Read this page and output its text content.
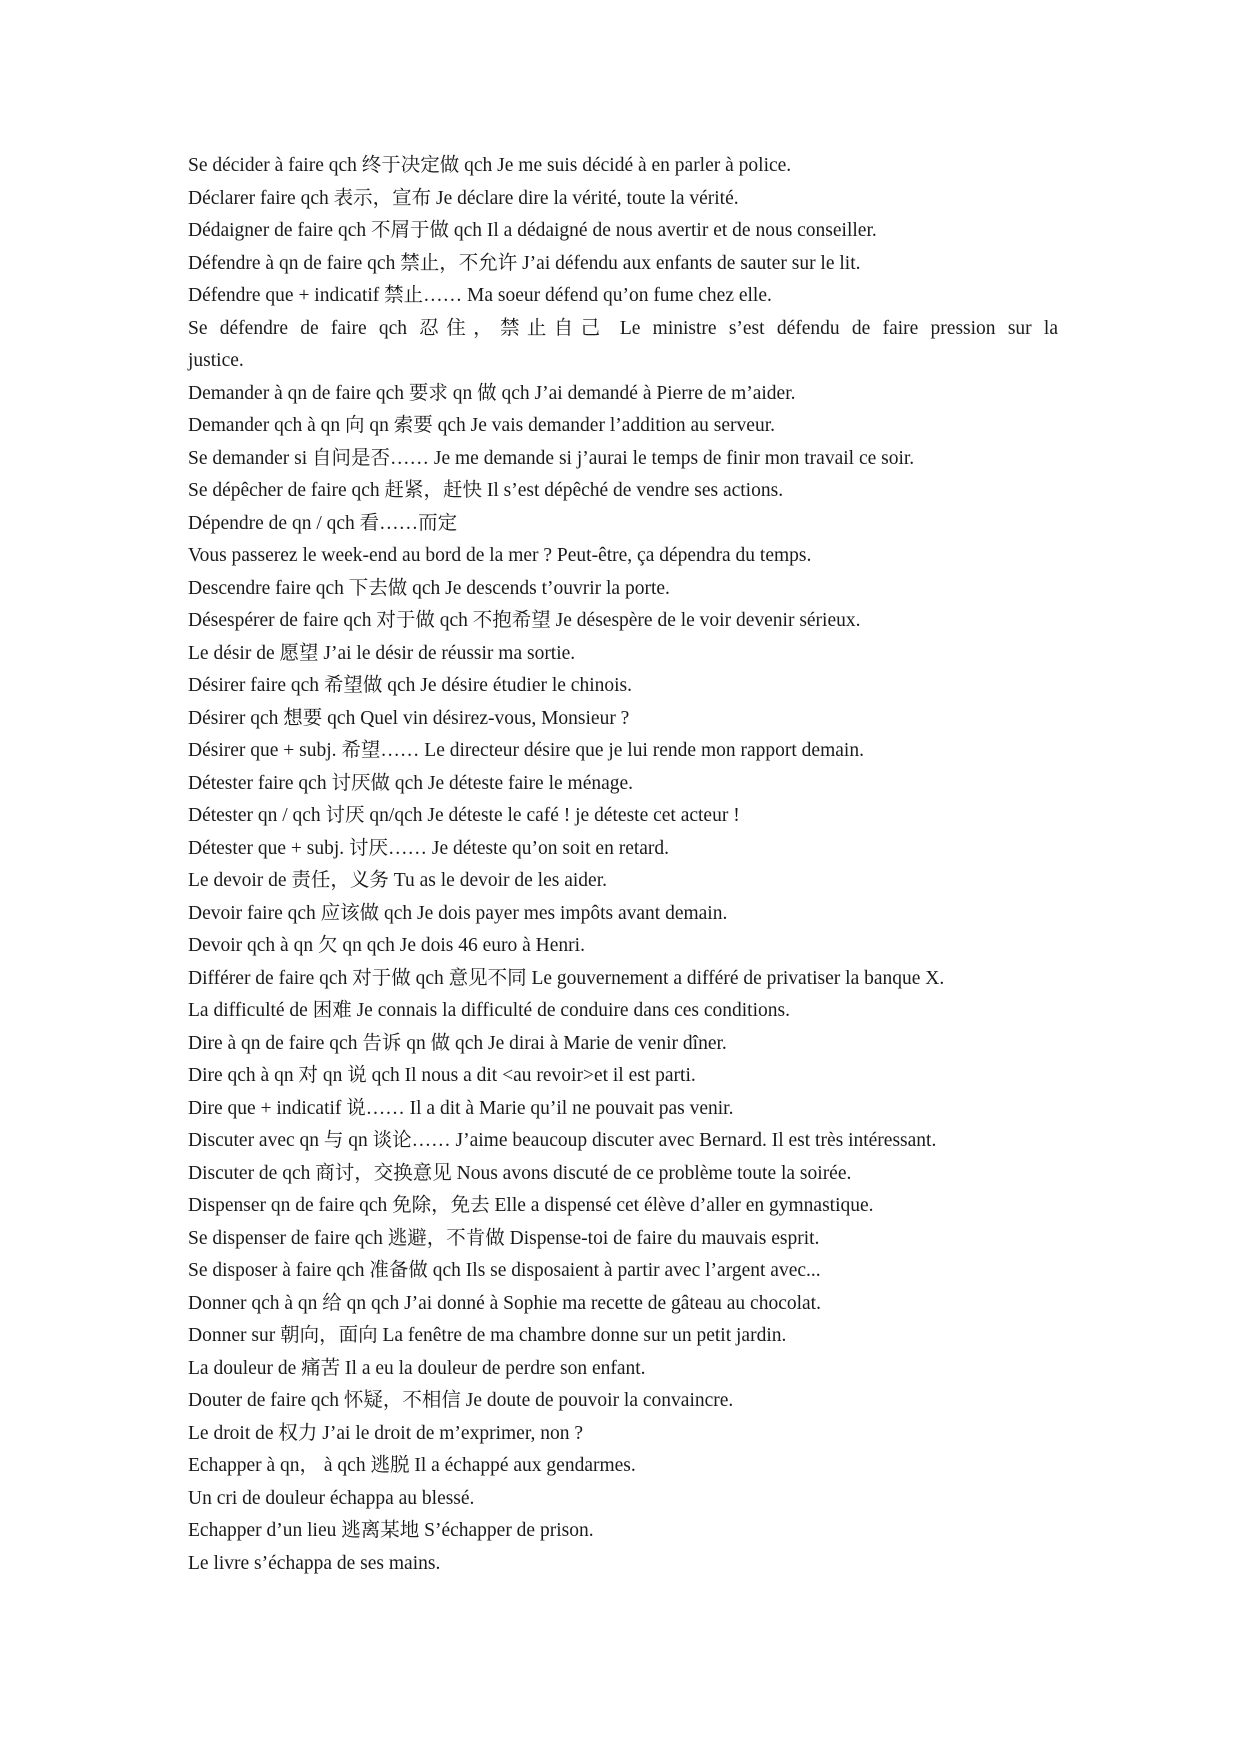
Se décider à faire qch 终于决定做 qch Je me suis décidé à en parler à police.
Déclarer faire qch 表示，宣布 Je déclare dire la vérité, toute la vérité.
Dédaigner de faire qch 不屑于做 qch Il a dédaigné de nous avertir et de nous conseiller.
Défendre à qn de faire qch 禁止，不允许 J’ai défendu aux enfants de sauter sur le lit.
Défendre que + indicatif 禁止…… Ma soeur défend qu’on fume chez elle.
Se défendre de faire qch 忍住，禁止自己 Le ministre s’est défendu de faire pression sur la
justice.
Demander à qn de faire qch 要求 qn 做 qch J’ai demandé à Pierre de m’aider.
Demander qch à qn 向 qn 索要 qch Je vais demander l’addition au serveur.
Se demander si 自问是否…… Je me demande si j’aurai le temps de finir mon travail ce soir.
Se dépêcher de faire qch 赶紧，赶快 Il s’est dépêché de vendre ses actions.
Dépendre de qn / qch 看……而定
Vous passerez le week-end au bord de la mer ? Peut-être, ça dépendra du temps.
Descendre faire qch 下去做 qch Je descends t’ouvrir la porte.
Désespérer de faire qch 对于做 qch 不抱希望 Je désespère de le voir devenir sérieux.
Le désir de 愿望 J’ai le désir de réussir ma sortie.
Désirer faire qch 希望做 qch Je désire étudier le chinois.
Désirer qch 想要 qch Quel vin désirez-vous, Monsieur ?
Désirer que + subj. 希望…… Le directeur désire que je lui rende mon rapport demain.
Détester faire qch 讨厌做 qch Je déteste faire le ménage.
Détester qn / qch 讨厌 qn/qch Je déteste le café ! je déteste cet acteur !
Détester que + subj. 讨厌…… Je déteste qu’on soit en retard.
Le devoir de 责任，义务 Tu as le devoir de les aider.
Devoir faire qch 应该做 qch Je dois payer mes impôts avant demain.
Devoir qch à qn 欠 qn qch Je dois 46 euro à Henri.
Différer de faire qch 对于做 qch 意见不同 Le gouvernement a différé de privatiser la banque X.
La difficulté de 困难 Je connais la difficulté de conduire dans ces conditions.
Dire à qn de faire qch 告诉 qn 做 qch Je dirai à Marie de venir dîner.
Dire qch à qn 对 qn 说 qch Il nous a dit <au revoir>et il est parti.
Dire que + indicatif 说…… Il a dit à Marie qu’il ne pouvait pas venir.
Discuter avec qn 与 qn 谈论…… J’aime beaucoup discuter avec Bernard. Il est très intéressant.
Discuter de qch 商讨，交换意见 Nous avons discuté de ce problème toute la soirée.
Dispenser qn de faire qch 免除，免去 Elle a dispensé cet élève d’aller en gymnastique.
Se dispenser de faire qch 逃避，不肯做 Dispense-toi de faire du mauvais esprit.
Se disposer à faire qch 准备做 qch Ils se disposaient à partir avec l’argent avec...
Donner qch à qn 给 qn qch J’ai donné à Sophie ma recette de gâteau au chocolat.
Donner sur 朝向，面向 La fenêtre de ma chambre donne sur un petit jardin.
La douleur de 痛苦 Il a eu la douleur de perdre son enfant.
Douter de faire qch 怀疑，不相信 Je doute de pouvoir la convaincre.
Le droit de 权力 J’ai le droit de m’exprimer, non ?
Echapper à qn， à qch 逃脱 Il a échappé aux gendarmes.
Un cri de douleur échappa au blessé.
Echapper d’un lieu 逃离某地 S’échapper de prison.
Le livre s’échappa de ses mains.
